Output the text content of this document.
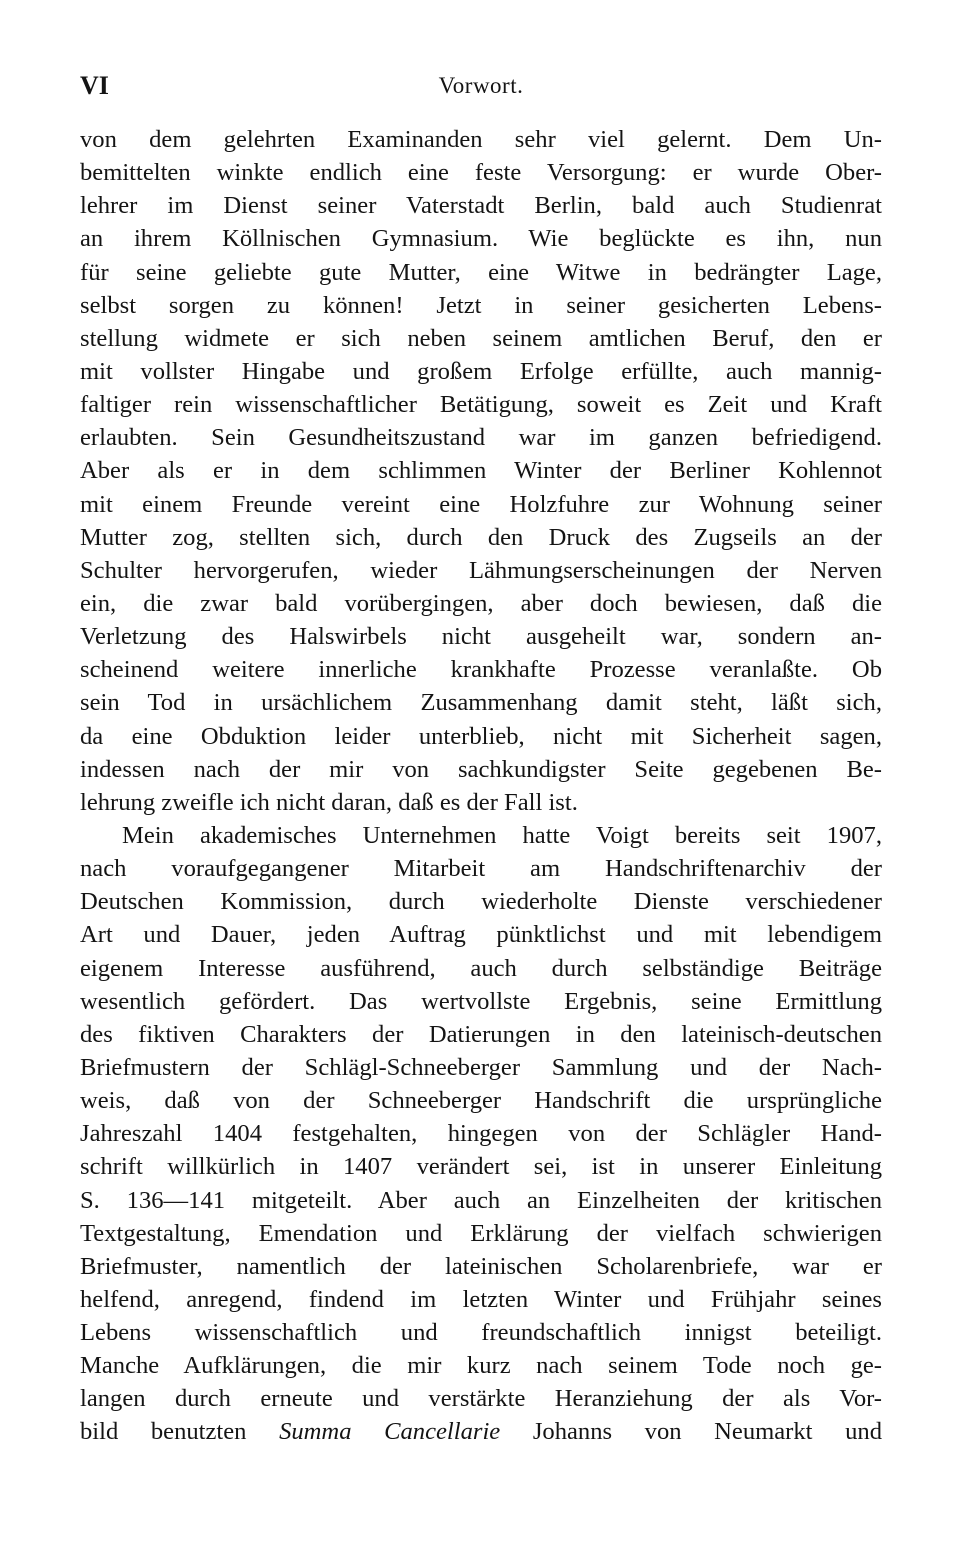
VI	Vorwort.
von dem gelehrten Examinanden sehr viel gelernt. Dem Un-
bemittelten winkte endlich eine feste Versorgung: er wurde Ober-
lehrer im Dienst seiner Vaterstadt Berlin, bald auch Studienrat
an ihrem Köllnischen Gymnasium. Wie beglückte es ihn, nun
für seine geliebte gute Mutter, eine Witwe in bedrängter Lage,
selbst sorgen zu können! Jetzt in seiner gesicherten Lebens-
stellung widmete er sich neben seinem amtlichen Beruf, den er
mit vollster Hingabe und großem Erfolge erfüllte, auch mannig-
faltiger rein wissenschaftlicher Betätigung, soweit es Zeit und Kraft
erlaubten. Sein Gesundheitszustand war im ganzen befriedigend.
Aber als er in dem schlimmen Winter der Berliner Kohlennot
mit einem Freunde vereint eine Holzfuhre zur Wohnung seiner
Mutter zog, stellten sich, durch den Druck des Zugseils an der
Schulter hervorgerufen, wieder Lähmungserscheinungen der Nerven
ein, die zwar bald vorübergingen, aber doch bewiesen, daß die
Verletzung des Halswirbels nicht ausgeheilt war, sondern an-
scheinend weitere innerliche krankhafte Prozesse veranlaßte. Ob
sein Tod in ursächlichem Zusammenhang damit steht, läßt sich,
da eine Obduktion leider unterblieb, nicht mit Sicherheit sagen,
indessen nach der mir von sachkundigster Seite gegebenen Be-
lehrung zweifle ich nicht daran, daß es der Fall ist.
Mein akademisches Unternehmen hatte Voigt bereits seit 1907,
nach voraufgegangener Mitarbeit am Handschriftenarchiv der
Deutschen Kommission, durch wiederholte Dienste verschiedener
Art und Dauer, jeden Auftrag pünktlichst und mit lebendigem
eigenem Interesse ausführend, auch durch selbständige Beiträge
wesentlich gefördert. Das wertvollste Ergebnis, seine Ermittlung
des fiktiven Charakters der Datierungen in den lateinisch-deutschen
Briefmustern der Schlägl-Schneeberger Sammlung und der Nach-
weis, daß von der Schneeberger Handschrift die ursprüngliche
Jahreszahl 1404 festgehalten, hingegen von der Schlägler Hand-
schrift willkürlich in 1407 verändert sei, ist in unserer Einleitung
S. 136—141 mitgeteilt. Aber auch an Einzelheiten der kritischen
Textgestaltung, Emendation und Erklärung der vielfach schwierigen
Briefmuster, namentlich der lateinischen Scholarenbriefe, war er
helfend, anregend, findend im letzten Winter und Frühjahr seines
Lebens wissenschaftlich und freundschaftlich innigst beteiligt.
Manche Aufklärungen, die mir kurz nach seinem Tode noch ge-
langen durch erneute und verstärkte Heranziehung der als Vor-
bild benutzten Summa Cancellarie Johanns von Neumarkt und
